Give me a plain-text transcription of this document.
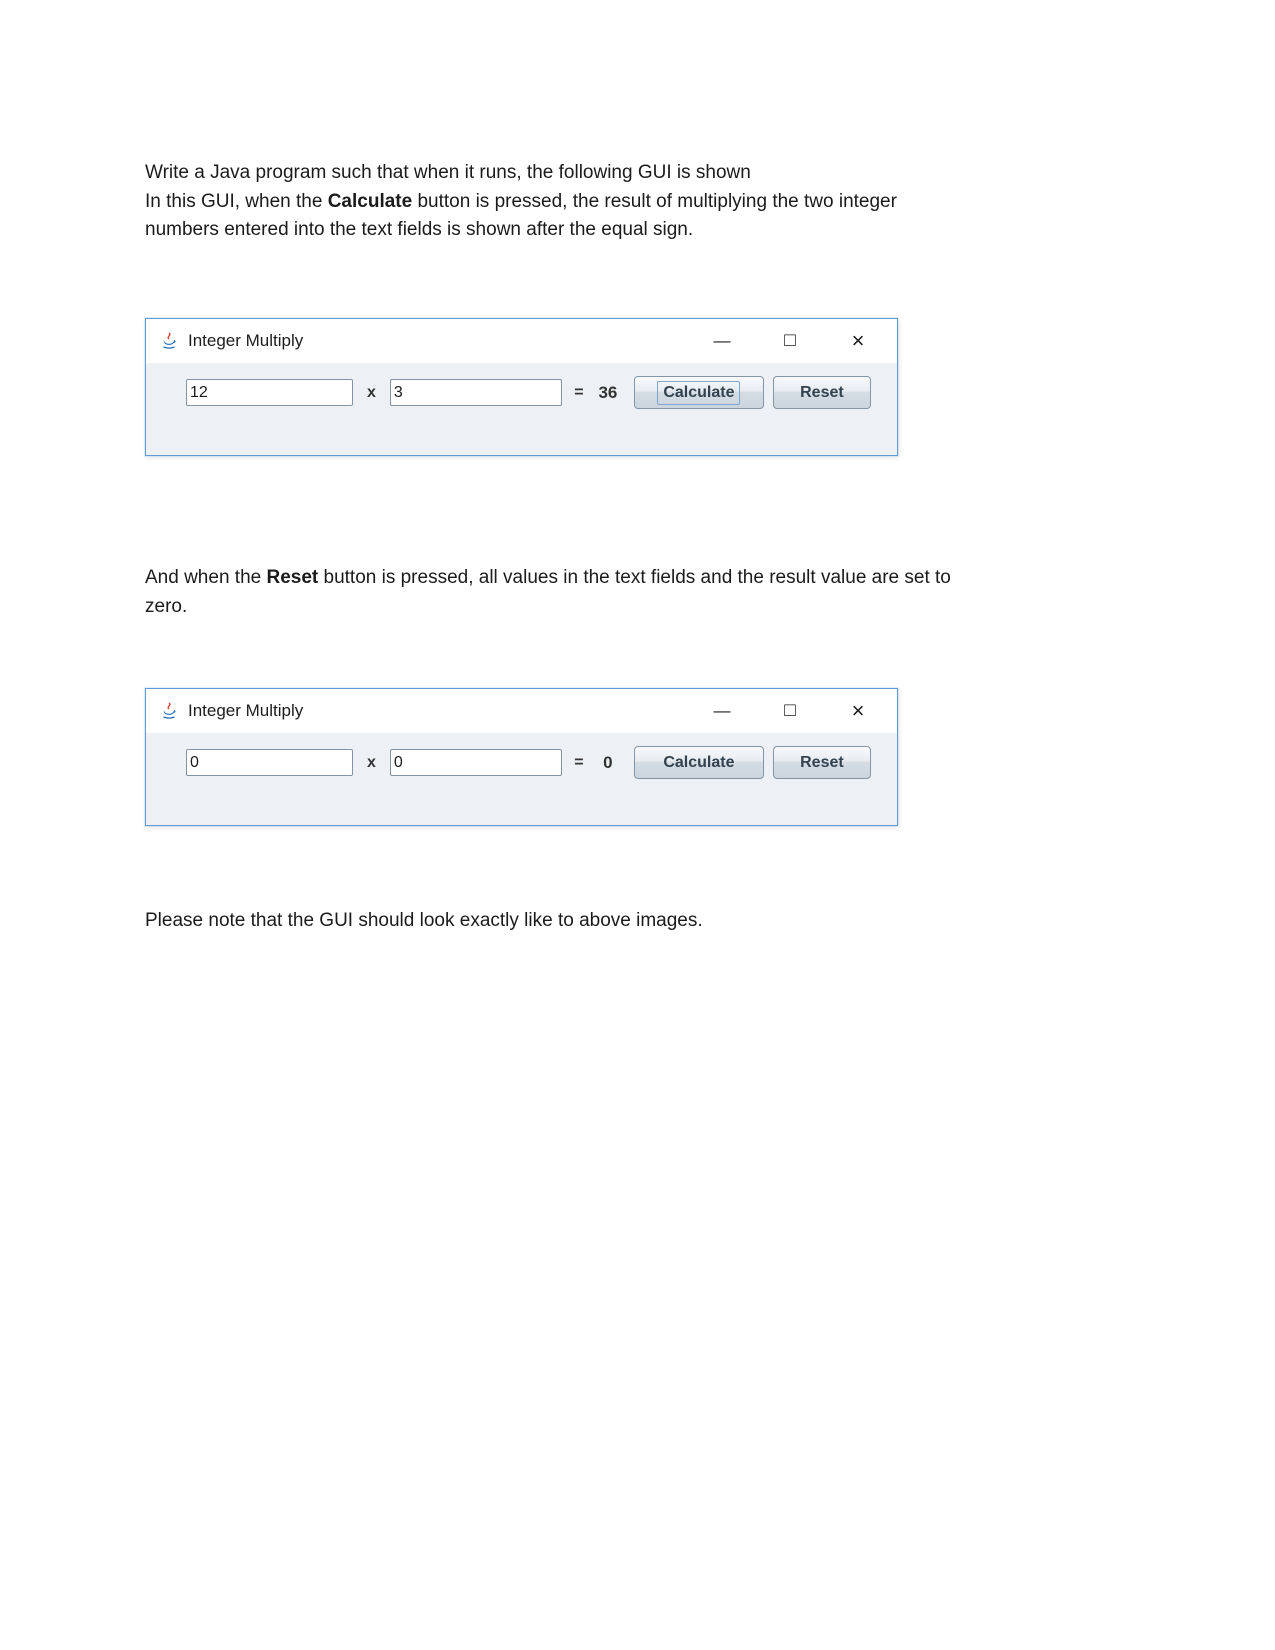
Write a Java program such that when it runs, the following GUI is shown
In this GUI, when the Calculate button is pressed, the result of multiplying the two integer
numbers entered into the text fields is shown after the equal sign.

Integer Multiply	—	□	×
12
x
3	= 36	Calculate	Reset

And when the Reset button is pressed, all values in the text fields and the result value are set to
zero.

Integer Multiply	—	□	×
0
x
0	=	0	Calculate	Reset

Please note that the GUI should look exactly like to above images.
